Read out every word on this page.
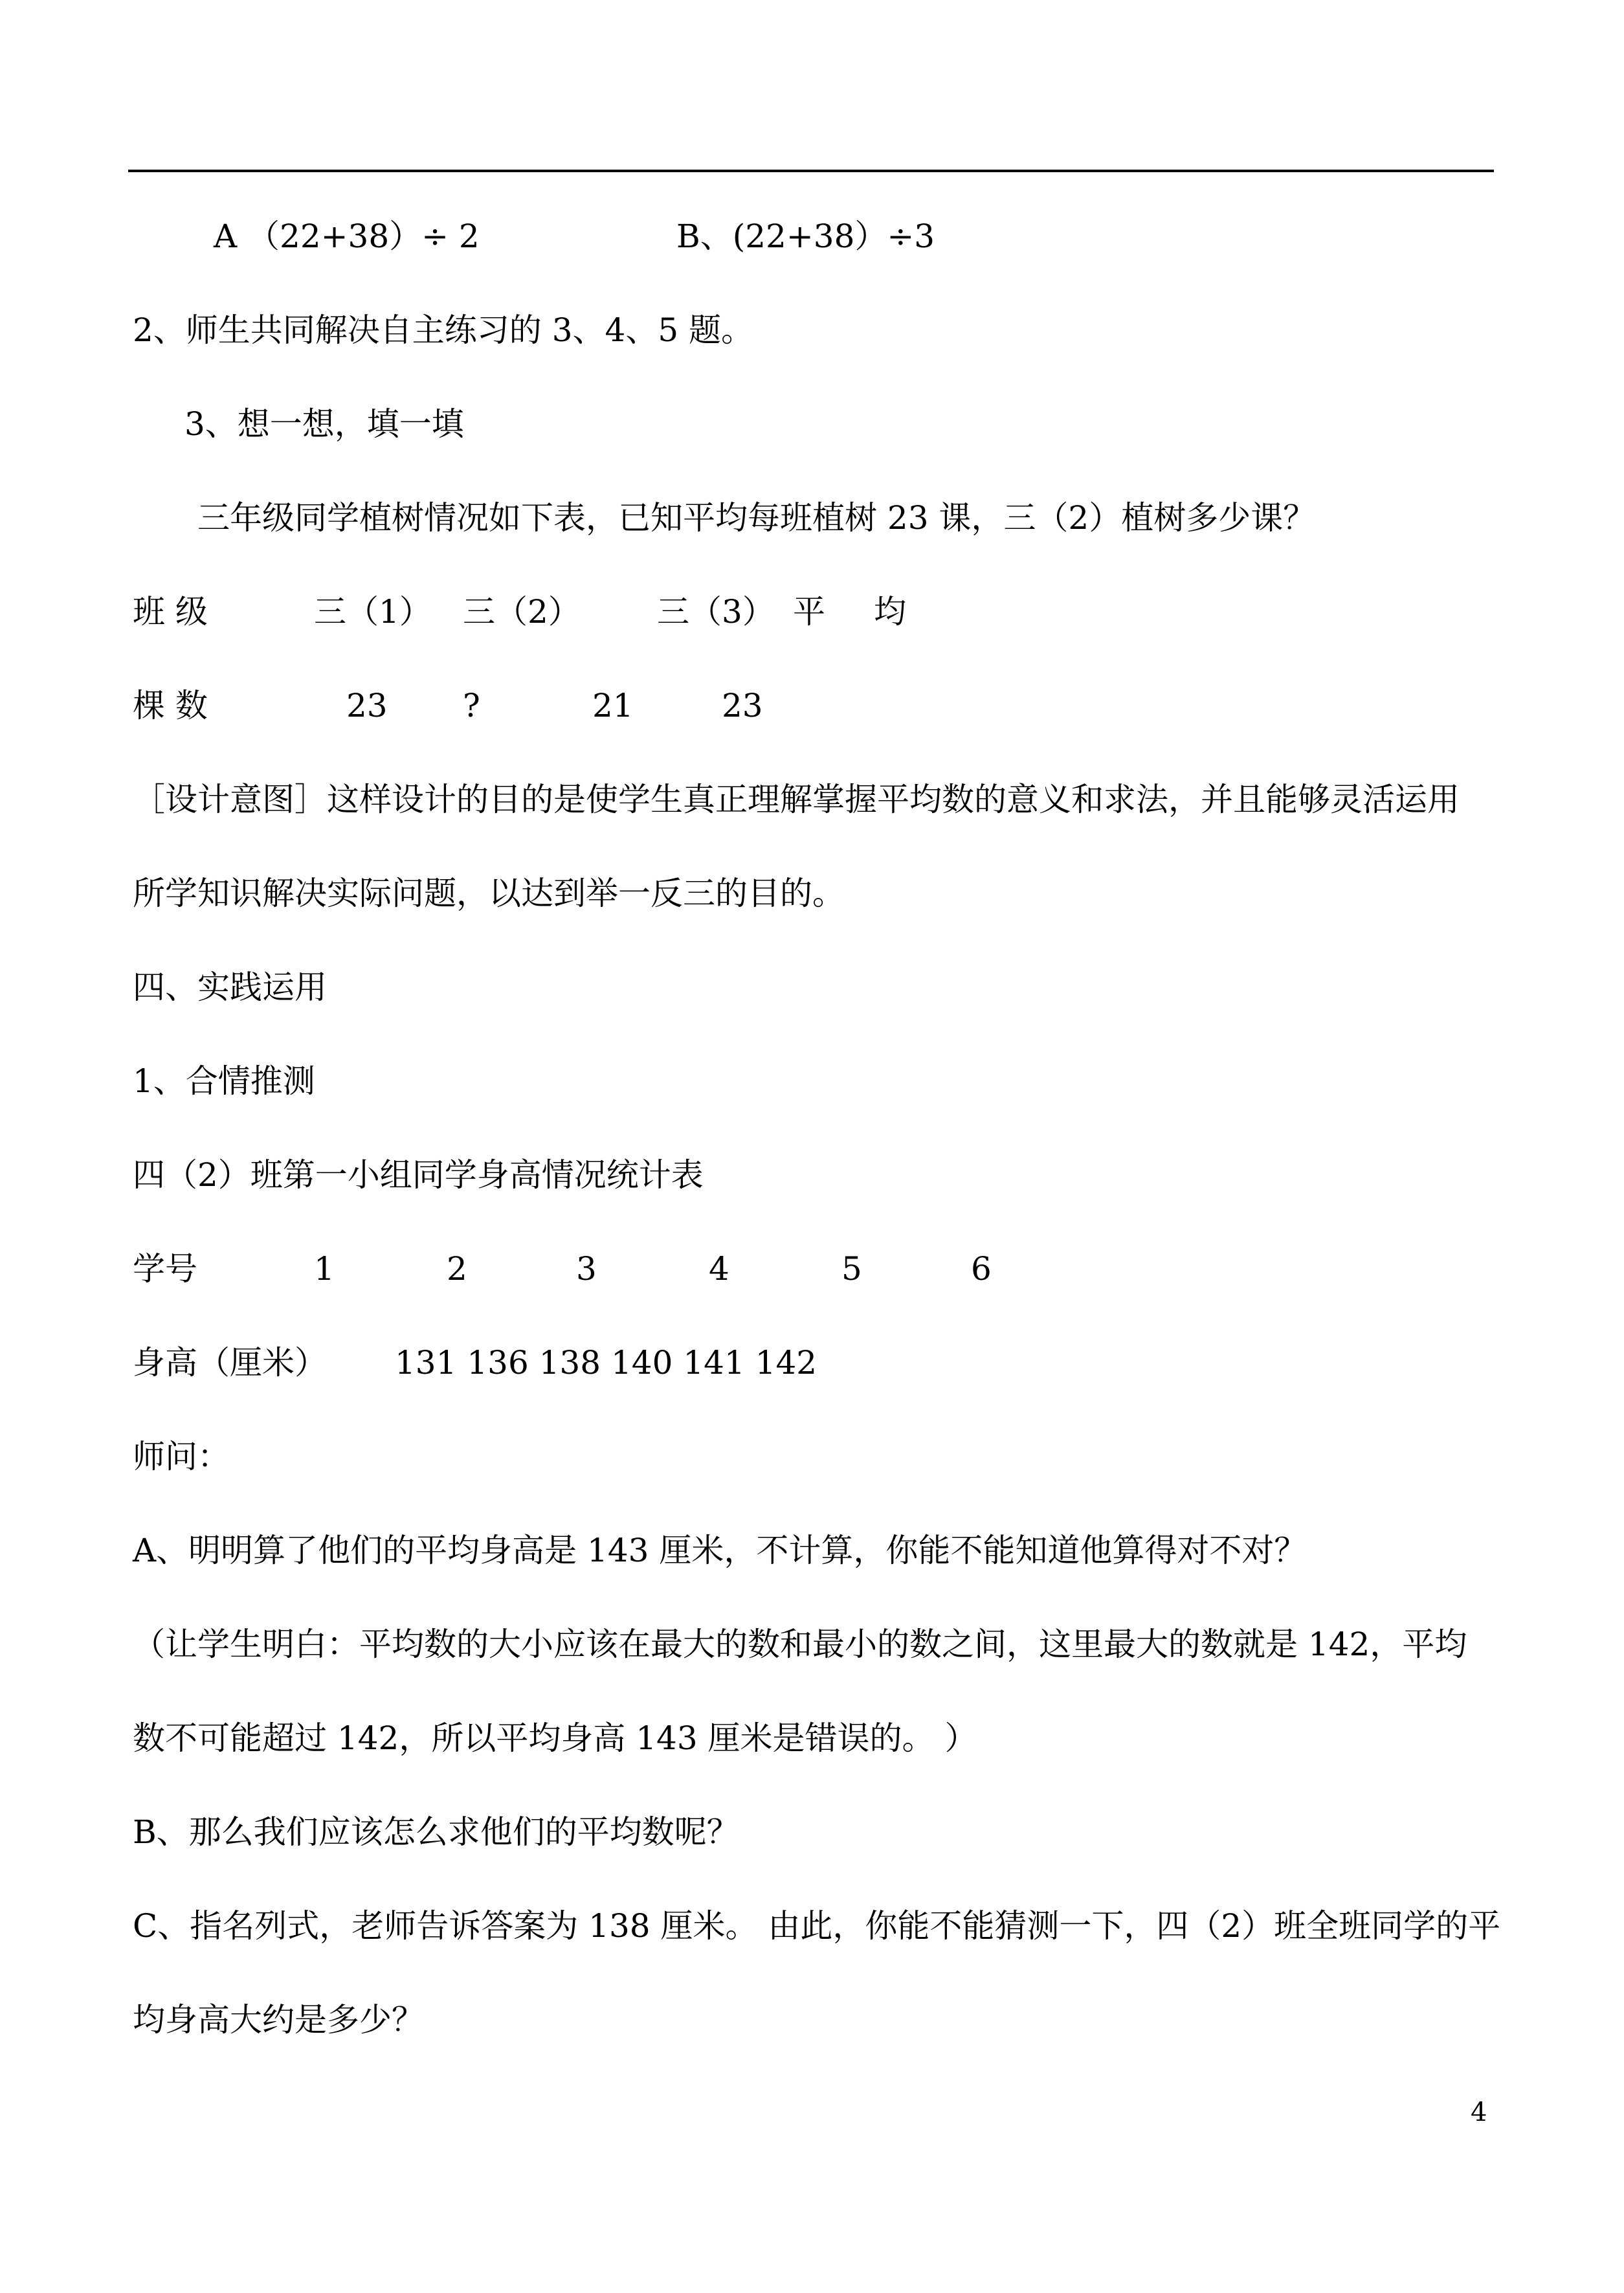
A （22+38）÷ 2	B、(22+38）÷3
2、师生共同解决自主练习的 3、4、5 题。
3、想一想，填一填
三年级同学植树情况如下表，已知平均每班植树 23 课，三（2）植树多少课？
班 级	三（1） 三（2） 三（3） 平 均
棵 数	23 ?	21	23
［设计意图］这样设计的目的是使学生真正理解掌握平均数的意义和求法，并且能够灵活运用
所学知识解决实际问题，以达到举一反三的目的。
四、实践运用
1、合情推测
四（2）班第一小组同学身高情况统计表
学号	1	2	3	4	5	6
身高（厘米） 131 136 138 140 141 142
师问：
A、明明算了他们的平均身高是 143 厘米，不计算，你能不能知道他算得对不对？
（让学生明白：平均数的大小应该在最大的数和最小的数之间，这里最大的数就是 142，平均
数不可能超过 142，所以平均身高 143 厘米是错误的。 ）
B、那么我们应该怎么求他们的平均数呢？
C、指名列式，老师告诉答案为 138 厘米。 由此，你能不能猜测一下，四（2）班全班同学的平
均身高大约是多少？
4
